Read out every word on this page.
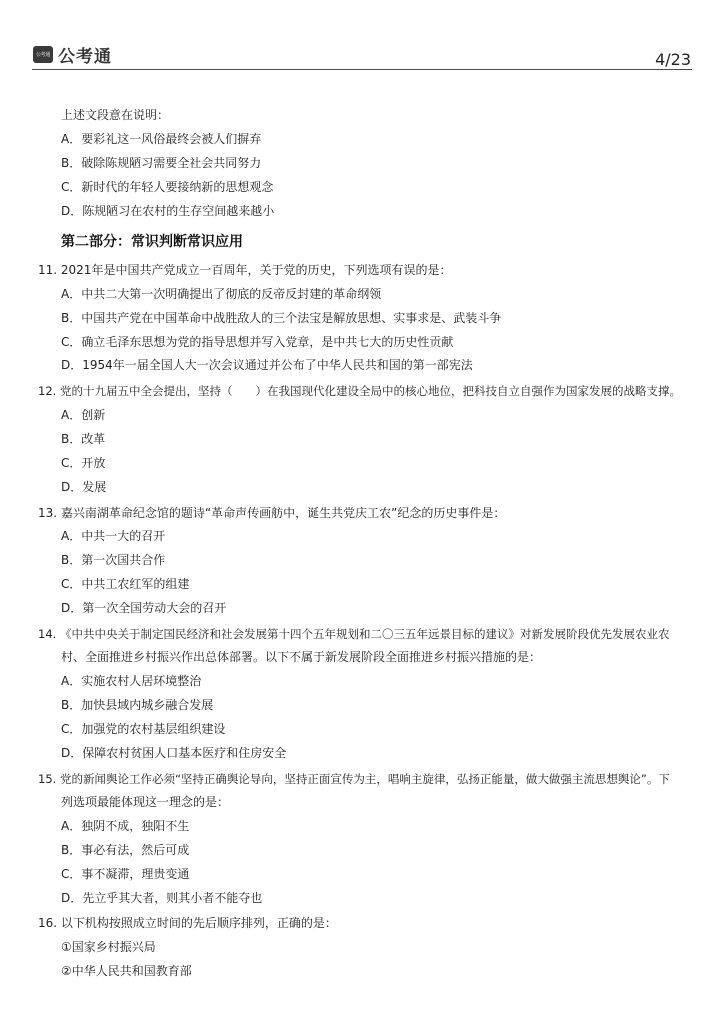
公考通 公考通	4/23
上述文段意在说明：
A．要彩礼这一风俗最终会被人们摒弃
B．破除陈规陋习需要全社会共同努力
C．新时代的年轻人要接纳新的思想观念
D．陈规陋习在农村的生存空间越来越小
第二部分：常识判断常识应用
11. 2021年是中国共产党成立一百周年，关于党的历史，下列选项有误的是：
A．中共二大第一次明确提出了彻底的反帝反封建的革命纲领
B．中国共产党在中国革命中战胜敌人的三个法宝是解放思想、实事求是、武装斗争
C．确立毛泽东思想为党的指导思想并写入党章，是中共七大的历史性贡献
D．1954年一届全国人大一次会议通过并公布了中华人民共和国的第一部宪法
12. 党的十九届五中全会提出，坚持（　　）在我国现代化建设全局中的核心地位，把科技自立自强作为国家发展的战略支撑。
A．创新
B．改革
C．开放
D．发展
13. 嘉兴南湖革命纪念馆的题诗“革命声传画舫中，诞生共党庆工农”纪念的历史事件是：
A．中共一大的召开
B．第一次国共合作
C．中共工农红军的组建
D．第一次全国劳动大会的召开
14. 《中共中央关于制定国民经济和社会发展第十四个五年规划和二〇三五年远景目标的建议》对新发展阶段优先发展农业农
村、全面推进乡村振兴作出总体部署。以下不属于新发展阶段全面推进乡村振兴措施的是：
A．实施农村人居环境整治
B．加快县域内城乡融合发展
C．加强党的农村基层组织建设
D．保障农村贫困人口基本医疗和住房安全
15. 党的新闻舆论工作必须“坚持正确舆论导向，坚持正面宣传为主，唱响主旋律，弘扬正能量，做大做强主流思想舆论”。下
列选项最能体现这一理念的是：
A．独阴不成，独阳不生
B．事必有法，然后可成
C．事不凝滞，理贵变通
D．先立乎其大者，则其小者不能夺也
16. 以下机构按照成立时间的先后顺序排列，正确的是：
①国家乡村振兴局
②中华人民共和国教育部
